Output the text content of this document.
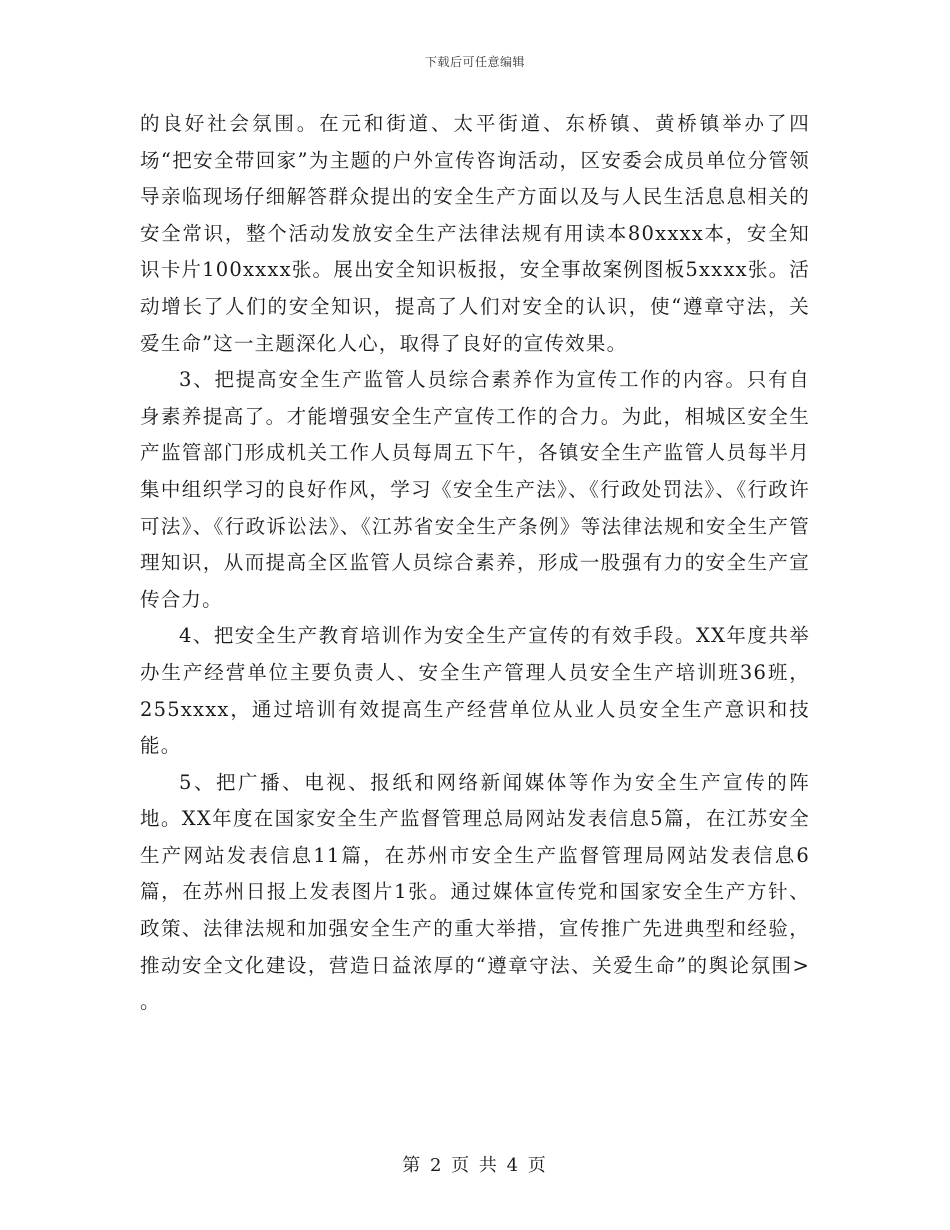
下载后可任意编辑

的良好社会氛围。在元和街道、太平街道、东桥镇、黄桥镇举办了四场“把安全带回家”为主题的户外宣传咨询活动，区安委会成员单位分管领导亲临现场仔细解答群众提出的安全生产方面以及与人民生活息息相关的安全常识，整个活动发放安全生产法律法规有用读本80xxxx本，安全知识卡片100xxxx张。展出安全知识板报，安全事故案例图板5xxxx张。活动增长了人们的安全知识，提高了人们对安全的认识，使“遵章守法，关爱生命”这一主题深化人心，取得了良好的宣传效果。

3、把提高安全生产监管人员综合素养作为宣传工作的内容。只有自身素养提高了。才能增强安全生产宣传工作的合力。为此，相城区安全生产监管部门形成机关工作人员每周五下午，各镇安全生产监管人员每半月集中组织学习的良好作风，学习《安全生产法》、《行政处罚法》、《行政许可法》、《行政诉讼法》、《江苏省安全生产条例》等法律法规和安全生产管理知识，从而提高全区监管人员综合素养，形成一股强有力的安全生产宣传合力。

4、把安全生产教育培训作为安全生产宣传的有效手段。XX年度共举办生产经营单位主要负责人、安全生产管理人员安全生产培训班36班，255xxxx，通过培训有效提高生产经营单位从业人员安全生产意识和技能。

5、把广播、电视、报纸和网络新闻媒体等作为安全生产宣传的阵地。XX年度在国家安全生产监督管理总局网站发表信息5篇，在江苏安全生产网站发表信息11篇，在苏州市安全生产监督管理局网站发表信息6篇，在苏州日报上发表图片1张。通过媒体宣传党和国家安全生产方针、政策、法律法规和加强安全生产的重大举措，宣传推广先进典型和经验，推动安全文化建设，营造日益浓厚的“遵章守法、关爱生命”的舆论氛围> 。

第 2 页 共 4 页
